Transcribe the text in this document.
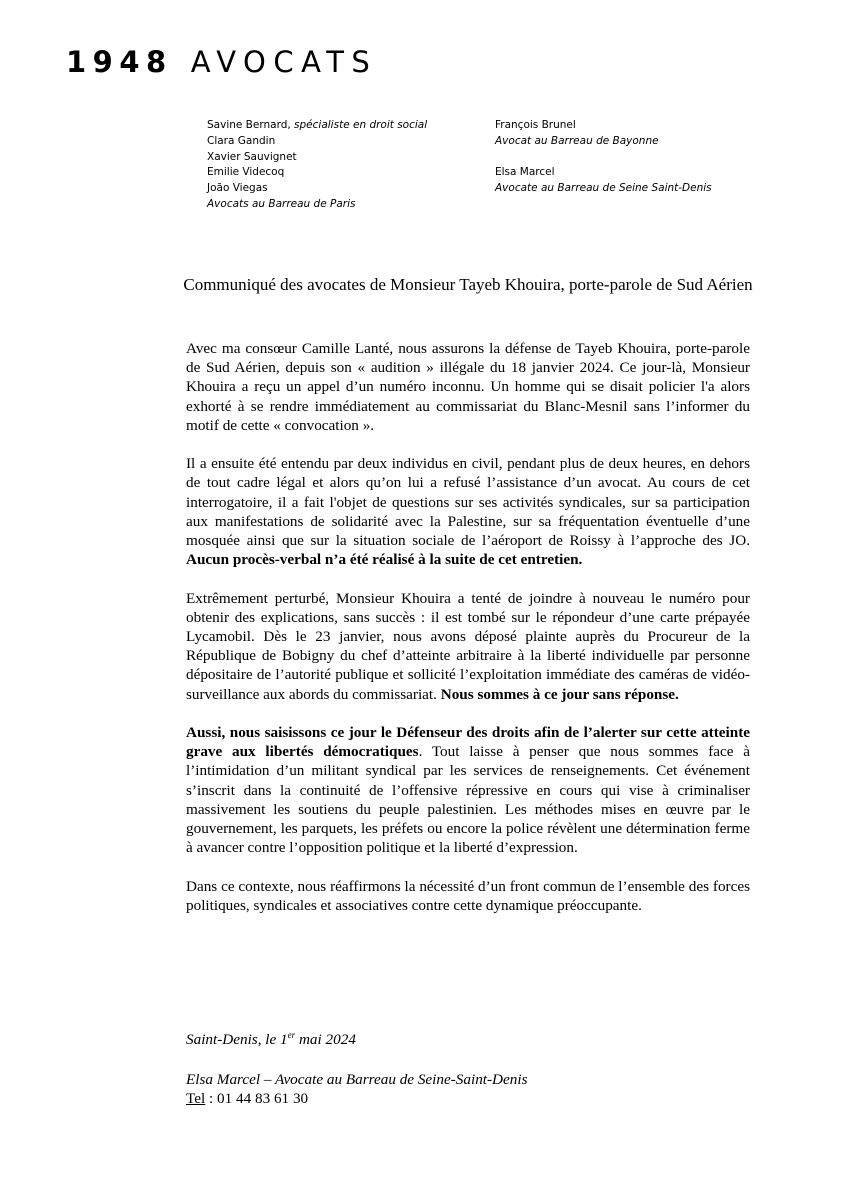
1948 AVOCATS
Savine Bernard, spécialiste en droit social
Clara Gandin
Xavier Sauvignet
Emilie Videcoq
João Viegas
Avocats au Barreau de Paris
François Brunel
Avocat au Barreau de Bayonne
Elsa Marcel
Avocate au Barreau de Seine Saint-Denis
Communiqué des avocates de Monsieur Tayeb Khouira, porte-parole de Sud Aérien

Avec ma consœur Camille Lanté, nous assurons la défense de Tayeb Khouira, porte-parole de Sud Aérien, depuis son « audition » illégale du 18 janvier 2024. Ce jour-là, Monsieur Khouira a reçu un appel d’un numéro inconnu. Un homme qui se disait policier l'a alors exhorté à se rendre immédiatement au commissariat du Blanc-Mesnil sans l’informer du motif de cette « convocation ».

Il a ensuite été entendu par deux individus en civil, pendant plus de deux heures, en dehors de tout cadre légal et alors qu’on lui a refusé l’assistance d’un avocat. Au cours de cet interrogatoire, il a fait l'objet de questions sur ses activités syndicales, sur sa participation aux manifestations de solidarité avec la Palestine, sur sa fréquentation éventuelle d’une mosquée ainsi que sur la situation sociale de l’aéroport de Roissy à l’approche des JO. Aucun procès-verbal n’a été réalisé à la suite de cet entretien.

Extrêmement perturbé, Monsieur Khouira a tenté de joindre à nouveau le numéro pour obtenir des explications, sans succès : il est tombé sur le répondeur d’une carte prépayée Lycamobil. Dès le 23 janvier, nous avons déposé plainte auprès du Procureur de la République de Bobigny du chef d’atteinte arbitraire à la liberté individuelle par personne dépositaire de l’autorité publique et sollicité l’exploitation immédiate des caméras de vidéo-surveillance aux abords du commissariat. Nous sommes à ce jour sans réponse.

Aussi, nous saisissons ce jour le Défenseur des droits afin de l’alerter sur cette atteinte grave aux libertés démocratiques. Tout laisse à penser que nous sommes face à l’intimidation d’un militant syndical par les services de renseignements. Cet événement s’inscrit dans la continuité de l’offensive répressive en cours qui vise à criminaliser massivement les soutiens du peuple palestinien. Les méthodes mises en œuvre par le gouvernement, les parquets, les préfets ou encore la police révèlent une détermination ferme à avancer contre l’opposition politique et la liberté d’expression.

Dans ce contexte, nous réaffirmons la nécessité d’un front commun de l’ensemble des forces politiques, syndicales et associatives contre cette dynamique préoccupante.

Saint-Denis, le 1er mai 2024
Elsa Marcel – Avocate au Barreau de Seine-Saint-Denis
Tel : 01 44 83 61 30
